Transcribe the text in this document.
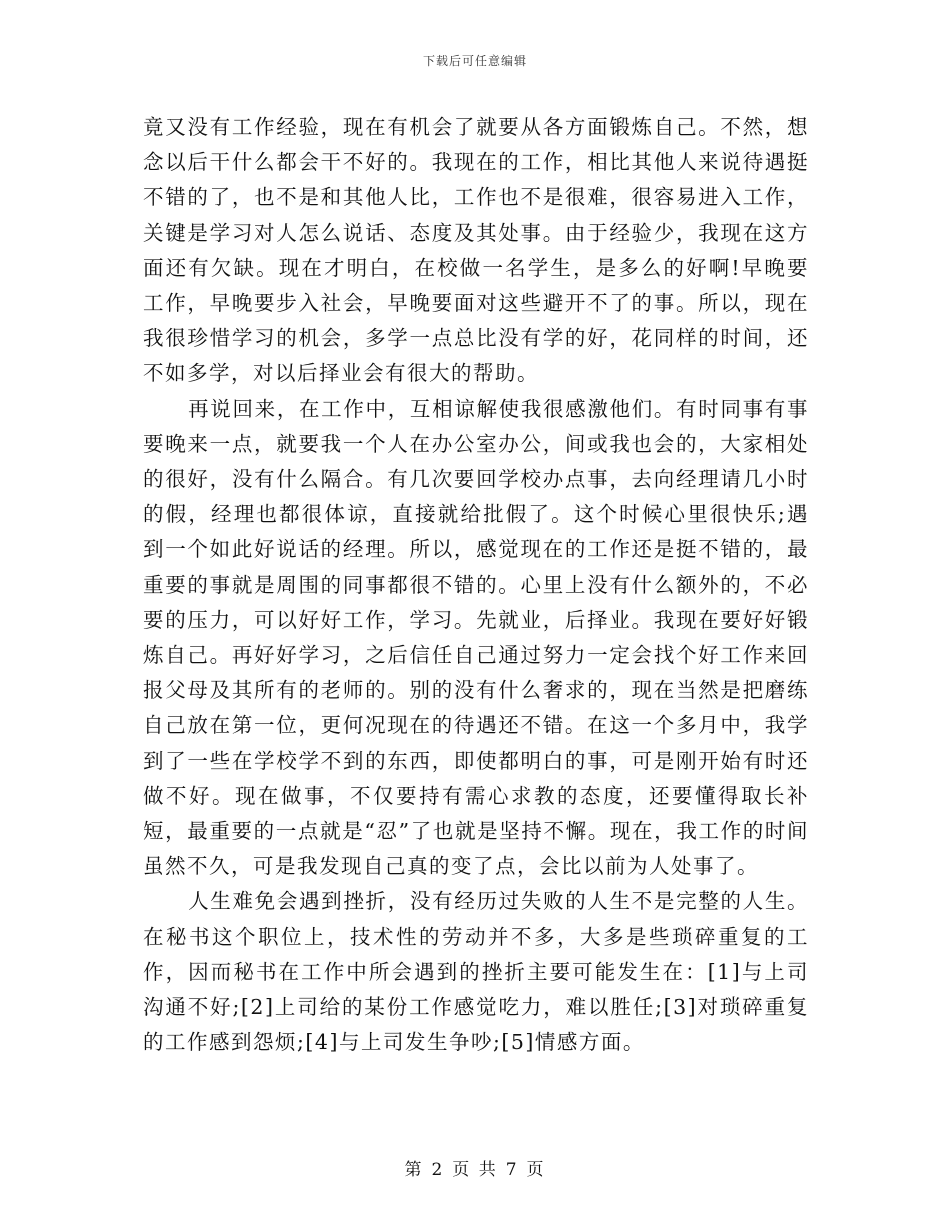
下载后可任意编辑

竟又没有工作经验，现在有机会了就要从各方面锻炼自己。不然，想念以后干什么都会干不好的。我现在的工作，相比其他人来说待遇挺不错的了，也不是和其他人比，工作也不是很难，很容易进入工作，关键是学习对人怎么说话、态度及其处事。由于经验少，我现在这方面还有欠缺。现在才明白，在校做一名学生，是多么的好啊!早晚要工作，早晚要步入社会，早晚要面对这些避开不了的事。所以，现在我很珍惜学习的机会，多学一点总比没有学的好，花同样的时间，还不如多学，对以后择业会有很大的帮助。

再说回来，在工作中，互相谅解使我很感激他们。有时同事有事要晚来一点，就要我一个人在办公室办公，间或我也会的，大家相处的很好，没有什么隔合。有几次要回学校办点事，去向经理请几小时的假，经理也都很体谅，直接就给批假了。这个时候心里很快乐;遇到一个如此好说话的经理。所以，感觉现在的工作还是挺不错的，最重要的事就是周围的同事都很不错的。心里上没有什么额外的，不必要的压力，可以好好工作，学习。先就业，后择业。我现在要好好锻炼自己。再好好学习，之后信任自己通过努力一定会找个好工作来回报父母及其所有的老师的。别的没有什么奢求的，现在当然是把磨练自己放在第一位，更何况现在的待遇还不错。在这一个多月中，我学到了一些在学校学不到的东西，即使都明白的事，可是刚开始有时还做不好。现在做事，不仅要持有需心求教的态度，还要懂得取长补短，最重要的一点就是“忍”了也就是坚持不懈。现在，我工作的时间虽然不久，可是我发现自己真的变了点，会比以前为人处事了。

人生难免会遇到挫折，没有经历过失败的人生不是完整的人生。在秘书这个职位上，技术性的劳动并不多，大多是些琐碎重复的工作，因而秘书在工作中所会遇到的挫折主要可能发生在：[1]与上司沟通不好;[2]上司给的某份工作感觉吃力，难以胜任;[3]对琐碎重复的工作感到怨烦;[4]与上司发生争吵;[5]情感方面。

第 2 页 共 7 页
